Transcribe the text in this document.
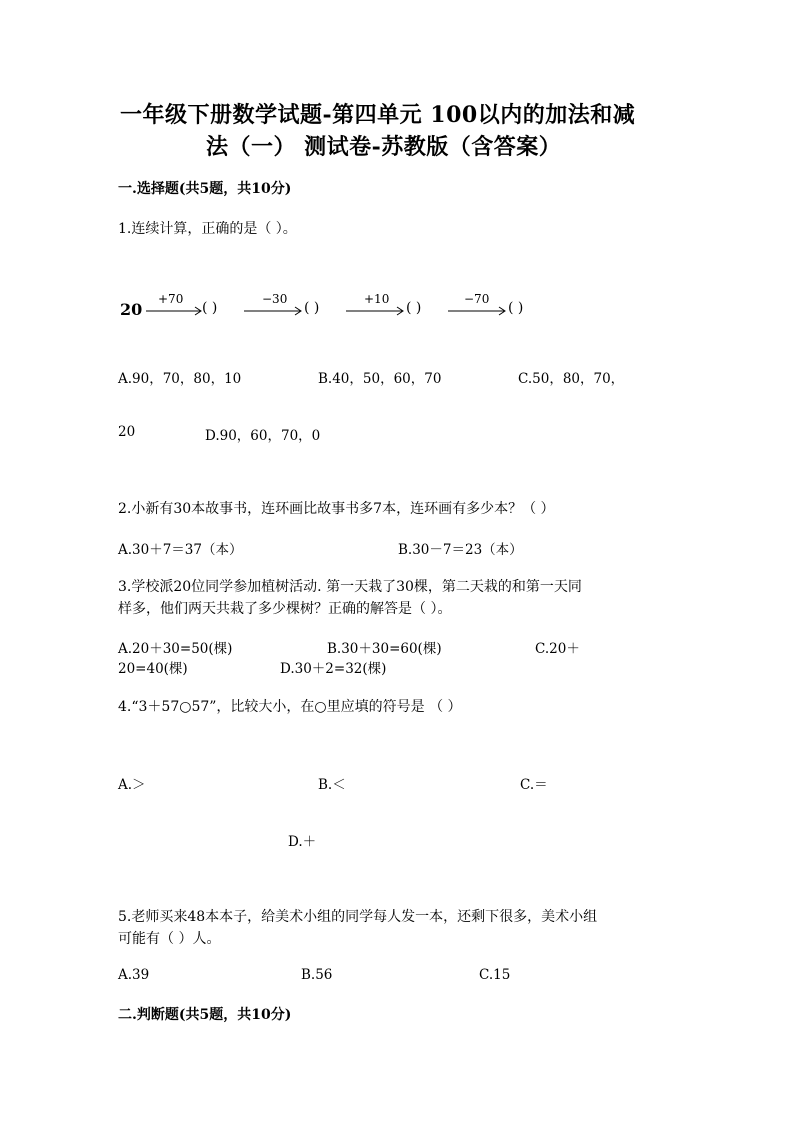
一年级下册数学试题-第四单元 100以内的加法和减
法（一） 测试卷-苏教版（含答案）
一.选择题(共5题，共10分)
1.连续计算，正确的是（ ）。
20
+70
( )
−30
( )
+10
( )
−70
( )
A.90，70，80，10	B.40，50，60，70	C.50，80，70，
20	D.90，60，70，0
2.小新有30本故事书，连环画比故事书多7本，连环画有多少本？（ ）
A.30＋7＝37（本）	B.30－7＝23（本）
3.学校派20位同学参加植树活动. 第一天栽了30棵，第二天栽的和第一天同
样多，他们两天共栽了多少棵树？正确的解答是（ ）。
A.20＋30=50(棵)	B.30＋30=60(棵)	C.20＋
20=40(棵)	D.30＋2=32(棵)
4.“3＋57○57”，比较大小，在○里应填的符号是 （ ）
A.＞	B.＜	C.＝
D.＋
5.老师买来48本本子，给美术小组的同学每人发一本，还剩下很多，美术小组
可能有（ ）人。
A.39	B.56	C.15
二.判断题(共5题，共10分)
